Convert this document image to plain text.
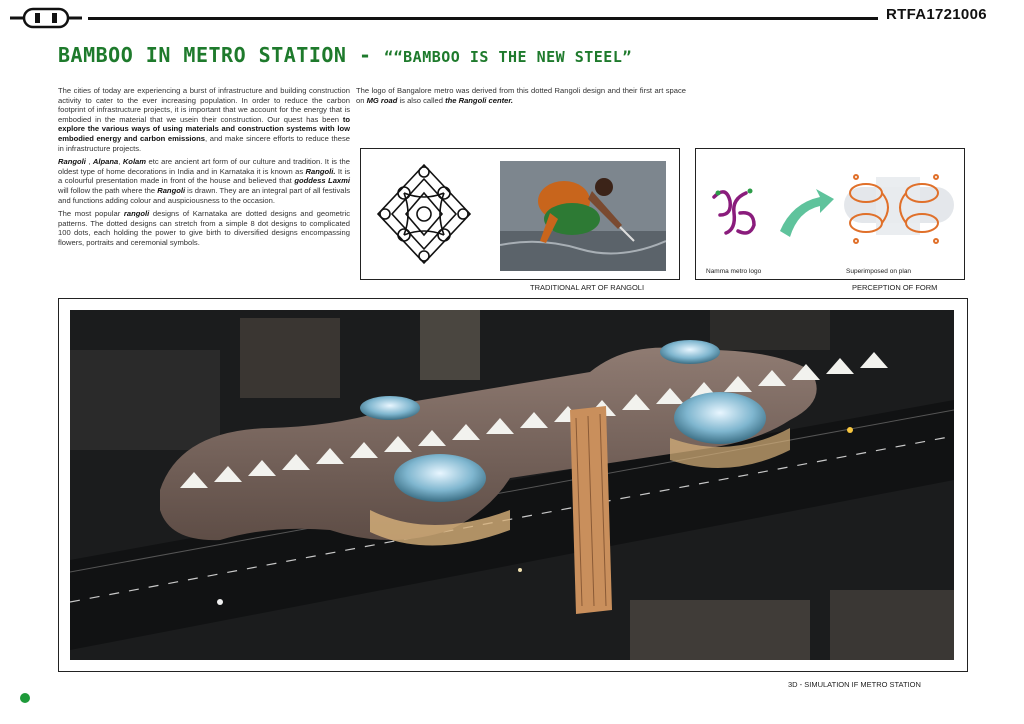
RTFA1721006
BAMBOO IN METRO STATION - ““BAMBOO IS THE NEW STEEL”

The cities of today are experiencing a burst of infrastructure and building construction activity to cater to the ever increasing population. In order to reduce the carbon footprint of infrastructure projects, it is important that we account for the energy that is embodied in the material that we usein their construction. Our quest has been to explore the various ways of using materials and construction systems with low embodied energy and carbon emissions, and make sincere efforts to reduce these in infrastructure projects.

Rangoli , Alpana, Kolam etc are ancient art form of our culture and tradition. It is the oldest type of home decorations in India and in Karnataka it is known as Rangoli. It is a colourful presentation made in front of the house and believed that goddess Laxmi will follow the path where the Rangoli is drawn. They are an integral part of all festivals and functions adding colour and auspiciousness to the occasion.

The most popular rangoli designs of Karnataka are dotted designs and geometric patterns. The dotted designs can stretch from a simple 8 dot designs to complicated 100 dots, each holding the power to give birth to diversified designs encompassing flowers, portraits and ceremonial symbols.

The logo of Bangalore metro was derived from this dotted Rangoli design and their first art space on MG road is also called the Rangoli center.

Namma metro logo	Superimposed on plan
TRADITIONAL ART OF RANGOLI	PERCEPTION OF FORM
3D - SIMULATION IF METRO STATION
